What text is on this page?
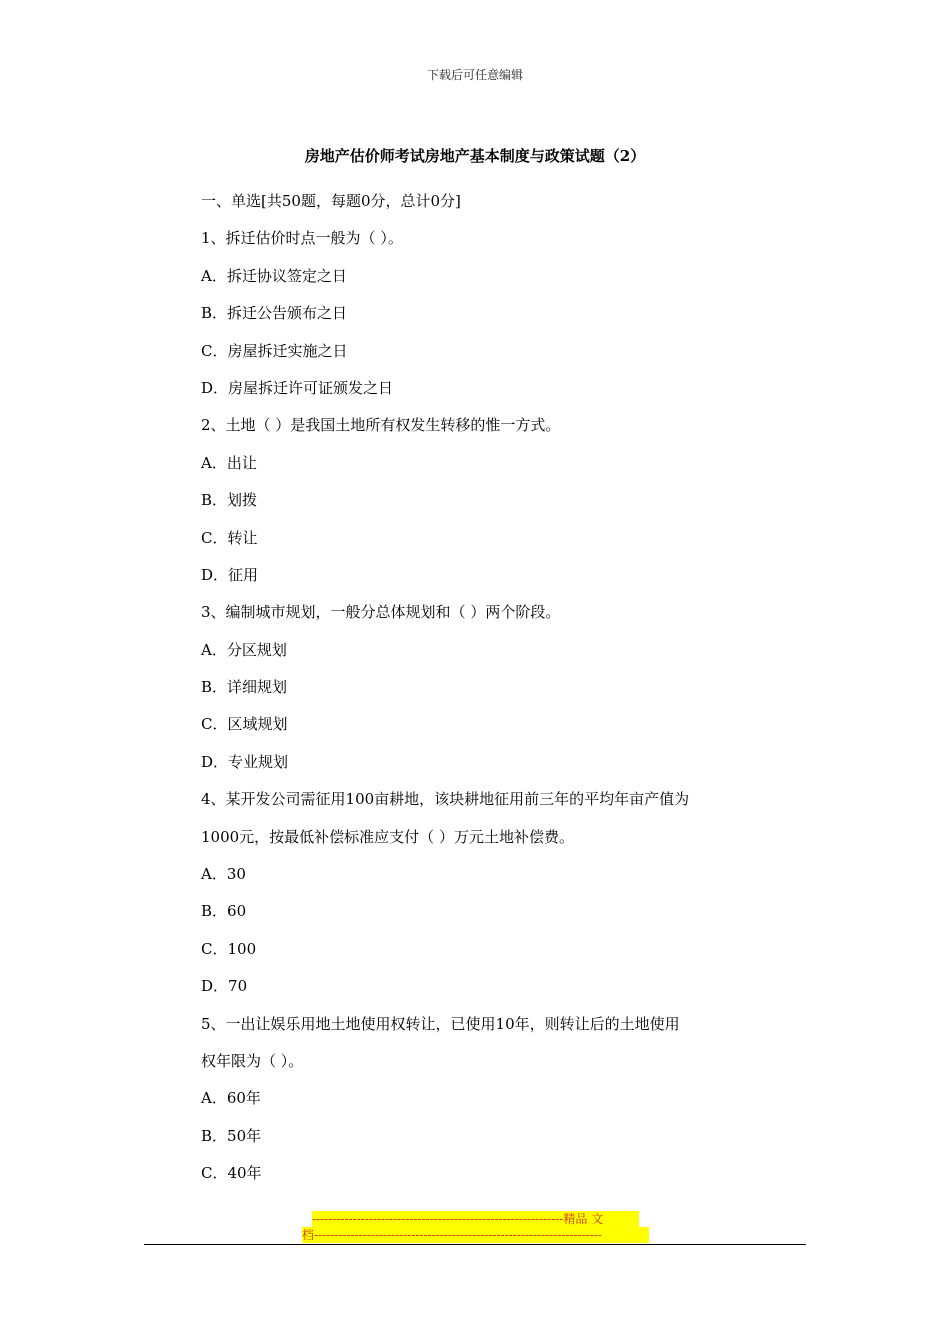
下载后可任意编辑
房地产估价师考试房地产基本制度与政策试题（2）
一、单选[共50题，每题0分，总计0分]
1、拆迁估价时点一般为（ ）。
A．拆迁协议签定之日
B．拆迁公告颁布之日
C．房屋拆迁实施之日
D．房屋拆迁许可证颁发之日
2、土地（ ）是我国土地所有权发生转移的惟一方式。
A．出让
B．划拨
C．转让
D．征用
3、编制城市规划，一般分总体规划和（ ）两个阶段。
A．分区规划
B．详细规划
C．区域规划
D．专业规划
4、某开发公司需征用100亩耕地，该块耕地征用前三年的平均年亩产值为
1000元，按最低补偿标准应支付（ ）万元土地补偿费。
A．30
B．60
C．100
D．70
5、一出让娱乐用地土地使用权转让，已使用10年，则转让后的土地使用
权年限为（ ）。
A．60年
B．50年
C．40年
--------------------------------------------------------------精品 文
档-----------------------------------------------------------------------
